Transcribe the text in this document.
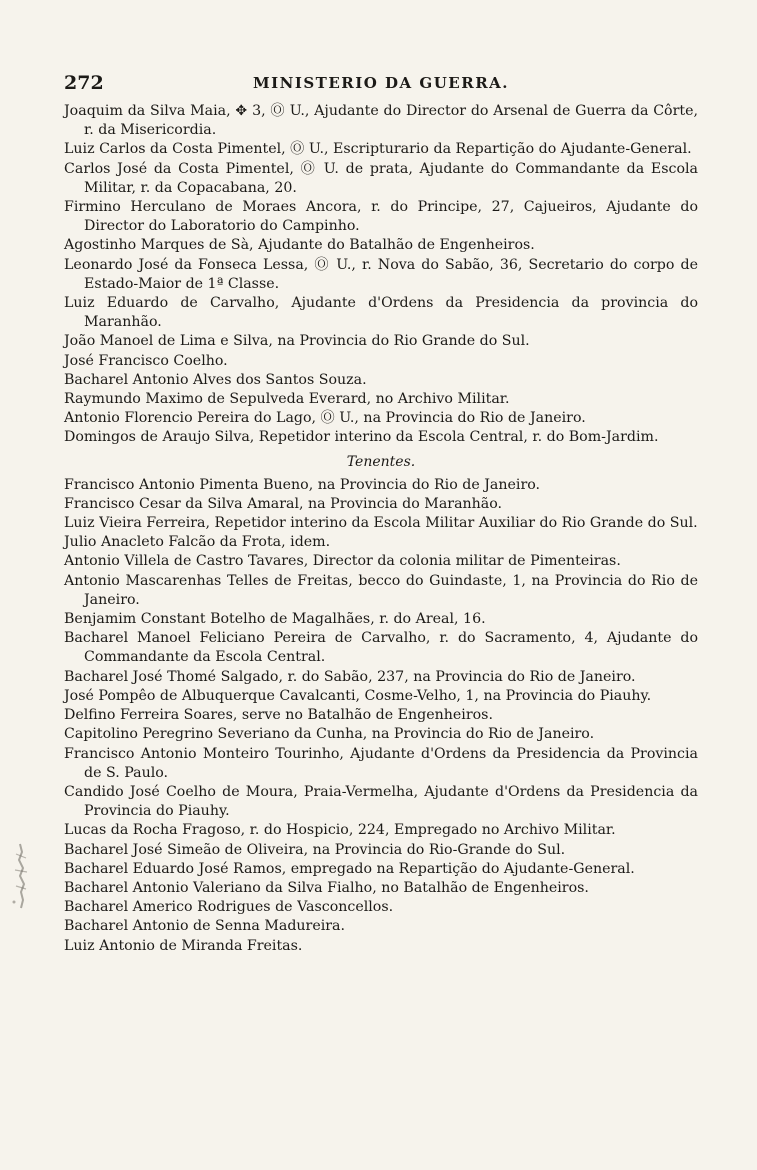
272	MINISTERIO DA GUERRA.
Joaquim da Silva Maia, ✥ 3, Ⓞ U., Ajudante do Director do Arsenal de Guerra da Côrte, r. da Misericordia.
Luiz Carlos da Costa Pimentel, Ⓞ U., Escripturario da Repartição do Ajudante-General.
Carlos José da Costa Pimentel, Ⓞ U. de prata, Ajudante do Commandante da Escola Militar, r. da Copacabana, 20.
Firmino Herculano de Moraes Ancora, r. do Principe, 27, Cajueiros, Ajudante do Director do Laboratorio do Campinho.
Agostinho Marques de Sà, Ajudante do Batalhão de Engenheiros.
Leonardo José da Fonseca Lessa, Ⓞ U., r. Nova do Sabão, 36, Secretario do corpo de Estado-Maior de 1ª Classe.
Luiz Eduardo de Carvalho, Ajudante d'Ordens da Presidencia da provincia do Maranhão.
João Manoel de Lima e Silva, na Provincia do Rio Grande do Sul.
José Francisco Coelho.
Bacharel Antonio Alves dos Santos Souza.
Raymundo Maximo de Sepulveda Everard, no Archivo Militar.
Antonio Florencio Pereira do Lago, Ⓞ U., na Provincia do Rio de Janeiro.
Domingos de Araujo Silva, Repetidor interino da Escola Central, r. do Bom-Jardim.
Tenentes.
Francisco Antonio Pimenta Bueno, na Provincia do Rio de Janeiro.
Francisco Cesar da Silva Amaral, na Provincia do Maranhão.
Luiz Vieira Ferreira, Repetidor interino da Escola Militar Auxiliar do Rio Grande do Sul.
Julio Anacleto Falcão da Frota, idem.
Antonio Villela de Castro Tavares, Director da colonia militar de Pimenteiras.
Antonio Mascarenhas Telles de Freitas, becco do Guindaste, 1, na Provincia do Rio de Janeiro.
Benjamim Constant Botelho de Magalhães, r. do Areal, 16.
Bacharel Manoel Feliciano Pereira de Carvalho, r. do Sacramento, 4, Ajudante do Commandante da Escola Central.
Bacharel José Thomé Salgado, r. do Sabão, 237, na Provincia do Rio de Janeiro.
José Pompêo de Albuquerque Cavalcanti, Cosme-Velho, 1, na Provincia do Piauhy.
Delfino Ferreira Soares, serve no Batalhão de Engenheiros.
Capitolino Peregrino Severiano da Cunha, na Provincia do Rio de Janeiro.
Francisco Antonio Monteiro Tourinho, Ajudante d'Ordens da Presidencia da Provincia de S. Paulo.
Candido José Coelho de Moura, Praia-Vermelha, Ajudante d'Ordens da Presidencia da Provincia do Piauhy.
Lucas da Rocha Fragoso, r. do Hospicio, 224, Empregado no Archivo Militar.
Bacharel José Simeão de Oliveira, na Provincia do Rio-Grande do Sul.
Bacharel Eduardo José Ramos, empregado na Repartição do Ajudante-General.
Bacharel Antonio Valeriano da Silva Fialho, no Batalhão de Engenheiros.
Bacharel Americo Rodrigues de Vasconcellos.
Bacharel Antonio de Senna Madureira.
Luiz Antonio de Miranda Freitas.
